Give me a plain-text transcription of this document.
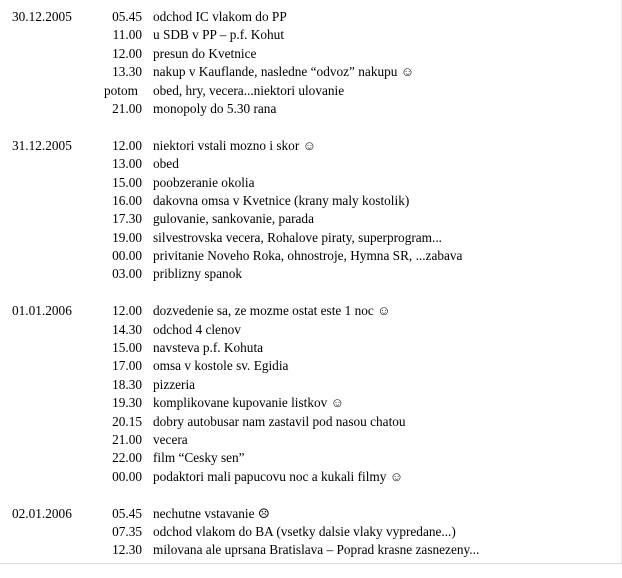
30.12.2005	05.45 odchod IC vlakom do PP
11.00 u SDB v PP – p.f. Kohut
12.00 presun do Kvetnice
13.30 nakup v Kauflande, nasledne “odvoz” nakupu ☺
potom	obed, hry, vecera...niektori ulovanie
21.00 monopoly do 5.30 rana
31.12.2005	12.00 niektori vstali mozno i skor ☺
13.00 obed
15.00 poobzeranie okolia
16.00 dakovna omsa v Kvetnice (krany maly kostolik)
17.30 gulovanie, sankovanie, parada
19.00 silvestrovska vecera, Rohalove piraty, superprogram...
00.00 privitanie Noveho Roka, ohnostroje, Hymna SR, ...zabava
03.00 priblizny spanok
01.01.2006	12.00 dozvedenie sa, ze mozme ostat este 1 noc ☺
14.30 odchod 4 clenov
15.00 navsteva p.f. Kohuta
17.00 omsa v kostole sv. Egidia
18.30 pizzeria
19.30 komplikovane kupovanie listkov ☺
20.15 dobry autobusar nam zastavil pod nasou chatou
21.00 vecera
22.00 film “Cesky sen”
00.00 podaktori mali papucovu noc a kukali filmy ☺
02.01.2006	05.45 nechutne vstavanie ☹
07.35 odchod vlakom do BA (vsetky dalsie vlaky vypredane...)
12.30 milovana ale uprsana Bratislava – Poprad krasne zasnezeny...
